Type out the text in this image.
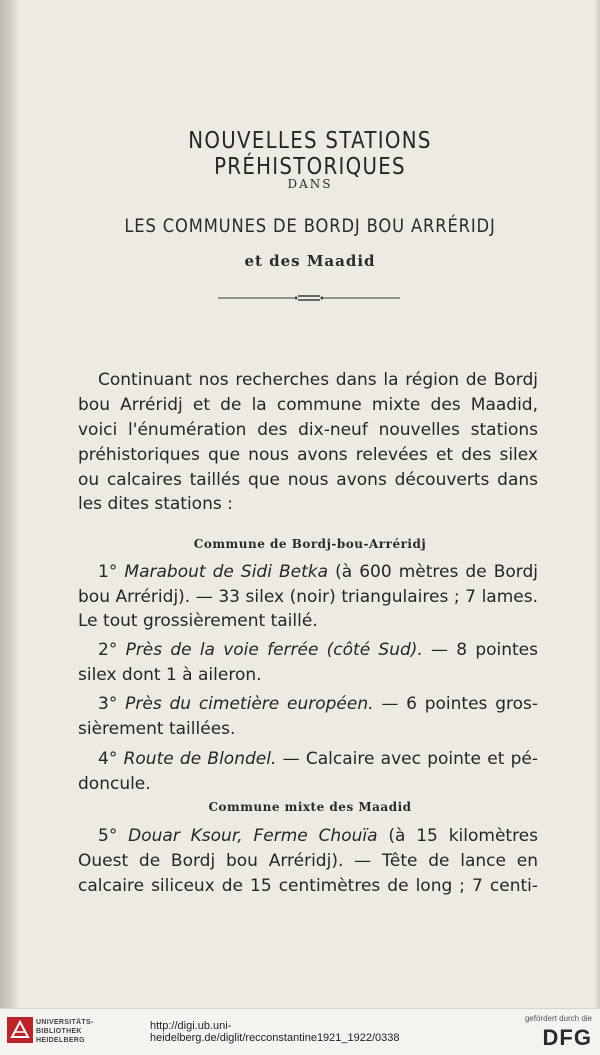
NOUVELLES STATIONS PRÉHISTORIQUES
DANS
LES COMMUNES DE BORDJ BOU ARRÉRIDJ
et des Maadid
Continuant nos recherches dans la région de Bordj
bou Arréridj et de la commune mixte des Maadid,
voici l'énumération des dix-neuf nouvelles stations
préhistoriques que nous avons relevées et des silex
ou calcaires taillés que nous avons découverts dans
les dites stations :
Commune de Bordj-bou-Arréridj
1° Marabout de Sidi Betka (à 600 mètres de Bordj
bou Arréridj). — 33 silex (noir) triangulaires ; 7 lames.
Le tout grossièrement taillé.
2° Près de la voie ferrée (côté Sud). — 8 pointes
silex dont 1 à aileron.
3° Près du cimetière européen. — 6 pointes gros-
sièrement taillées.
4° Route de Blondel. — Calcaire avec pointe et pé-
doncule.
Commune mixte des Maadid
5° Douar Ksour, Ferme Chouïa (à 15 kilomètres
Ouest de Bordj bou Arréridj). — Tête de lance en
calcaire siliceux de 15 centimètres de long ; 7 centi-
UNIVERSITÄTS-
BIBLIOTHEK
HEIDELBERG
http://digi.ub.uni-heidelberg.de/diglit/recconstantine1921_1922/0338
gefördert durch die
DFG
